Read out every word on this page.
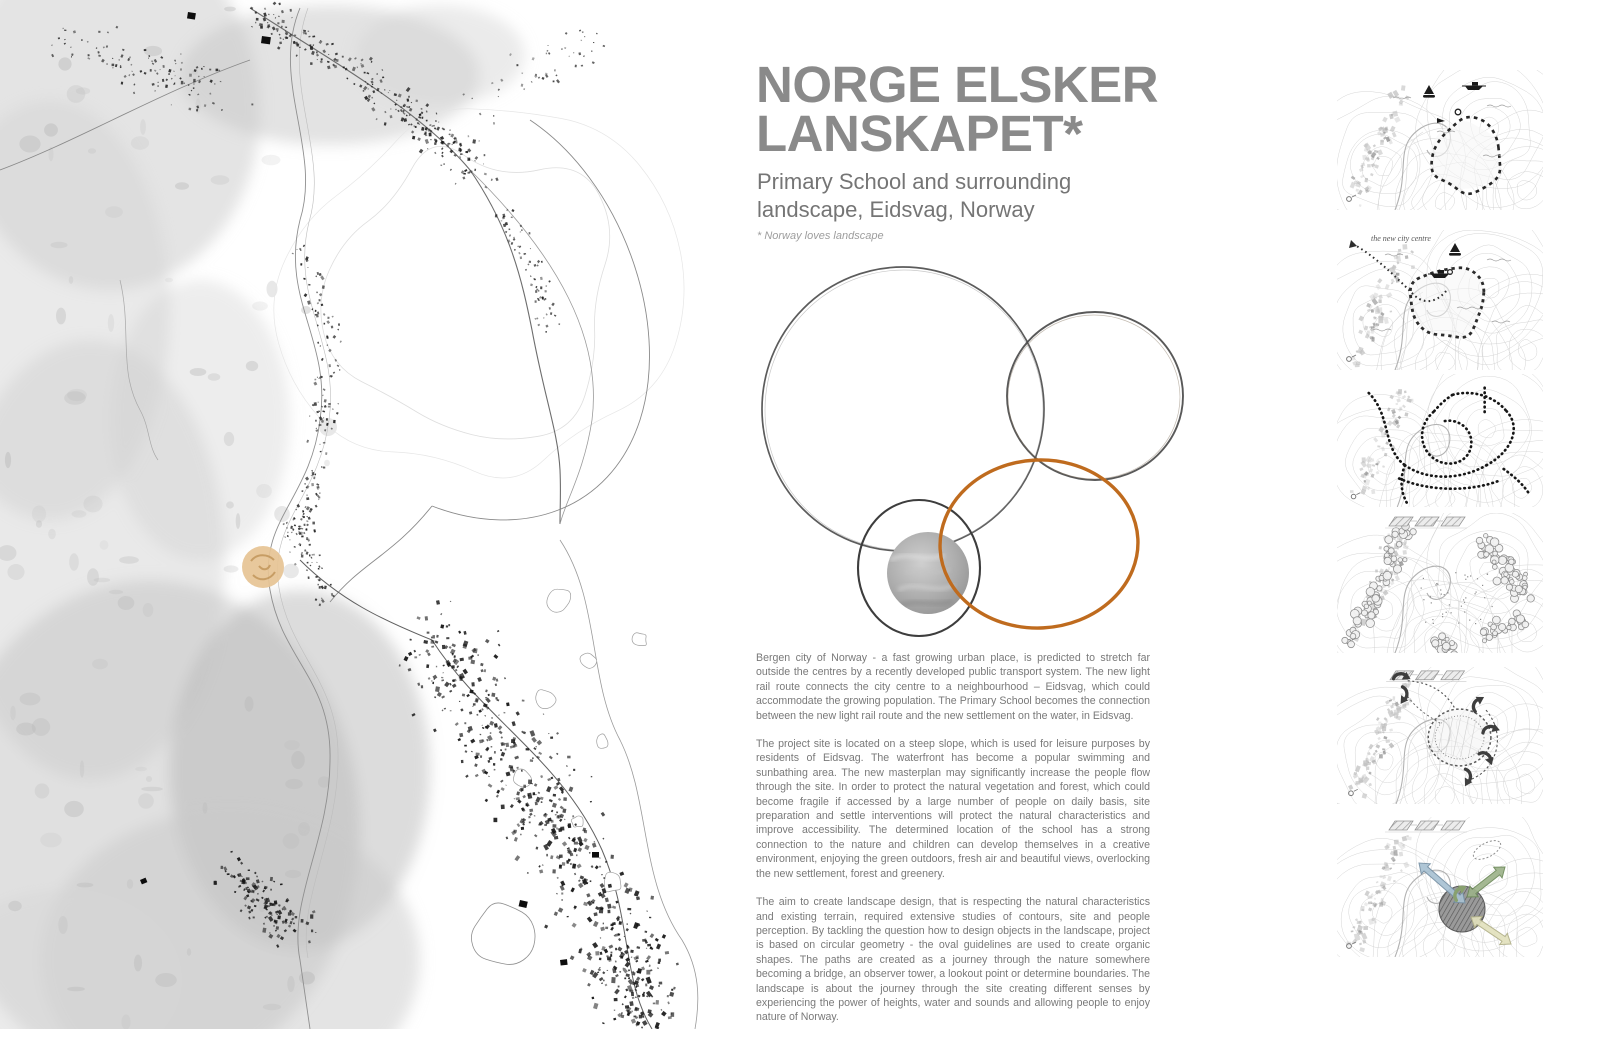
NORGE ELSKER
LANSKAPET*
Primary School and surrounding
landscape, Eidsvag, Norway
* Norway loves landscape

Bergen city of Norway - a fast growing urban place, is predicted to stretch far outside the centres by a recently developed public transport system. The new light rail route connects the city centre to a neighbourhood – Eidsvag, which could accommodate the growing population. The Primary School becomes the connection between the new light rail route and the new settlement on the water, in Eidsvag.

The project site is located on a steep slope, which is used for leisure purposes by residents of Eidsvag. The waterfront has become a popular swimming and sunbathing area. The new masterplan may significantly increase the people flow through the site. In order to protect the natural vegetation and forest, which could become fragile if accessed by a large number of people on daily basis, site preparation and settle interventions will protect the natural characteristics and improve accessibility. The determined location of the school has a strong connection to the nature and children can develop themselves in a creative environment, enjoying the green outdoors, fresh air and beautiful views, overlocking the new settlement, forest and greenery.

The aim to create landscape design, that is respecting the natural characteristics and existing terrain, required extensive studies of contours, site and people perception. By tackling the question how to design objects in the landscape, project is based on circular geometry - the oval guidelines are used to create organic shapes. The paths are created as a journey through the nature somewhere becoming a bridge, an observer tower, a lookout point or determine boundaries. The landscape is about the journey through the site creating different senses by experiencing the power of heights, water and sounds and allowing people to enjoy nature of Norway.

the new city centre
